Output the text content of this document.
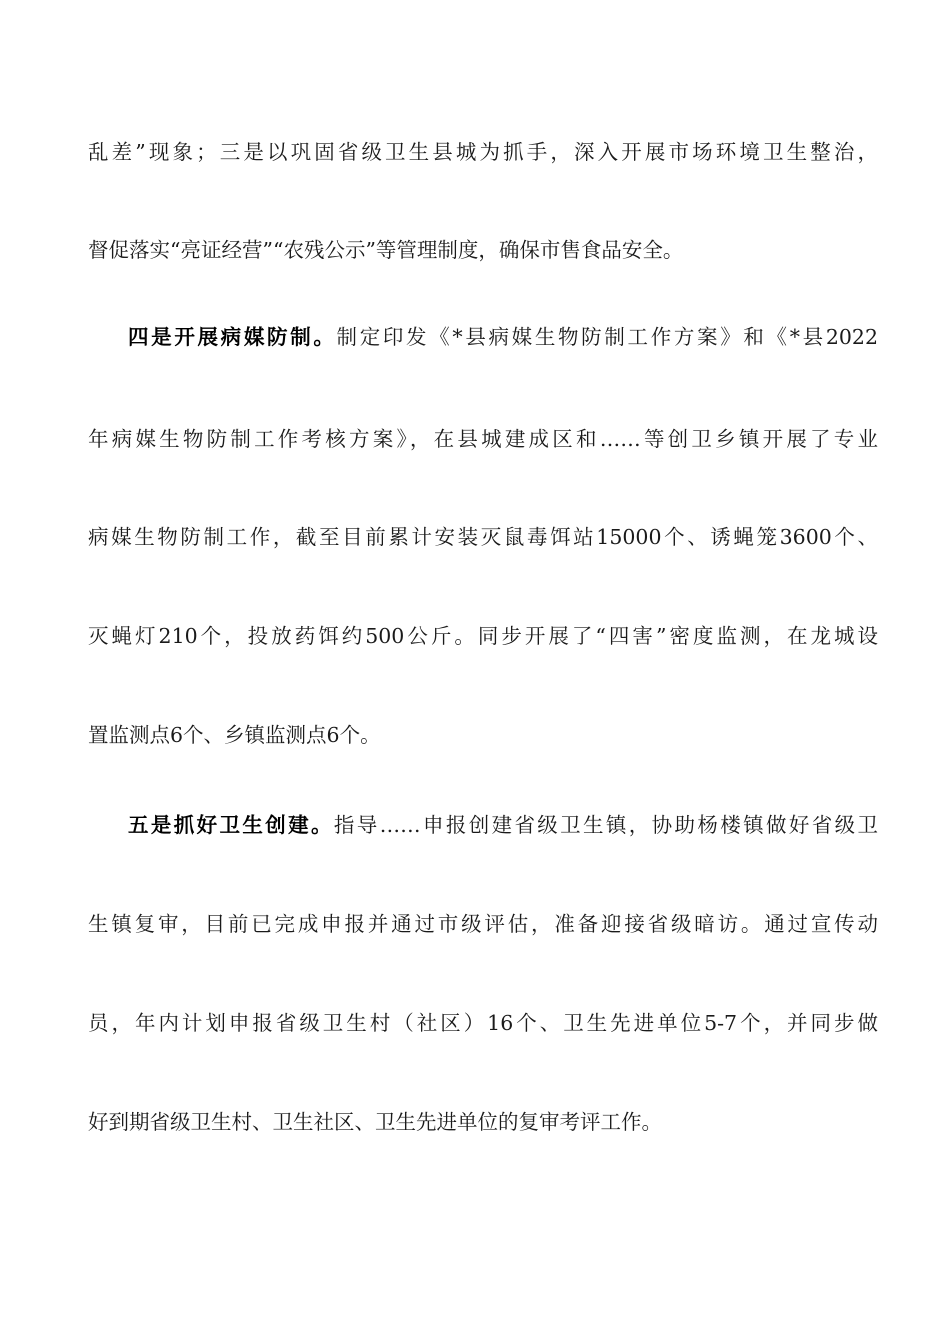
乱差”现象；三是以巩固省级卫生县城为抓手，深入开展市场环境卫生整治，
督促落实“亮证经营”“农残公示”等管理制度，确保市售食品安全。
四是开展病媒防制。制定印发《*县病媒生物防制工作方案》和《*县2022
年病媒生物防制工作考核方案》，在县城建成区和……等创卫乡镇开展了专业
病媒生物防制工作，截至目前累计安装灭鼠毒饵站15000个、诱蝇笼3600个、
灭蝇灯210个，投放药饵约500公斤。同步开展了“四害”密度监测，在龙城设
置监测点6个、乡镇监测点6个。
五是抓好卫生创建。指导……申报创建省级卫生镇，协助杨楼镇做好省级卫
生镇复审，目前已完成申报并通过市级评估，准备迎接省级暗访。通过宣传动
员，年内计划申报省级卫生村（社区）16个、卫生先进单位5-7个，并同步做
好到期省级卫生村、卫生社区、卫生先进单位的复审考评工作。
